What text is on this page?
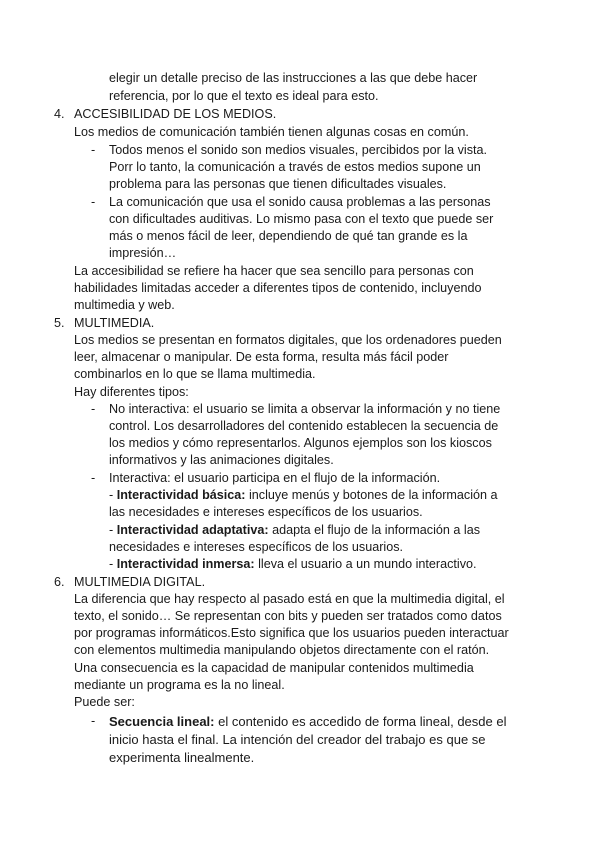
elegir un detalle preciso de las instrucciones a las que debe hacer
referencia, por lo que el texto es ideal para esto.
4. ACCESIBILIDAD DE LOS MEDIOS.
Los medios de comunicación también tienen algunas cosas en común.
- Todos menos el sonido son medios visuales, percibidos por la vista.
Porr lo tanto, la comunicación a través de estos medios supone un
problema para las personas que tienen dificultades visuales.
- La comunicación que usa el sonido causa problemas a las personas
con dificultades auditivas. Lo mismo pasa con el texto que puede ser
más o menos fácil de leer, dependiendo de qué tan grande es la
impresión…
La accesibilidad se refiere ha hacer que sea sencillo para personas con
habilidades limitadas acceder a diferentes tipos de contenido, incluyendo
multimedia y web.
5. MULTIMEDIA.
Los medios se presentan en formatos digitales, que los ordenadores pueden
leer, almacenar o manipular. De esta forma, resulta más fácil poder
combinarlos en lo que se llama multimedia.
Hay diferentes tipos:
- No interactiva: el usuario se limita a observar la información y no tiene
control. Los desarrolladores del contenido establecen la secuencia de
los medios y cómo representarlos. Algunos ejemplos son los kioscos
informativos y las animaciones digitales.
- Interactiva: el usuario participa en el flujo de la información.
- Interactividad básica: incluye menús y botones de la información a
las necesidades e intereses específicos de los usuarios.
- Interactividad adaptativa: adapta el flujo de la información a las
necesidades e intereses específicos de los usuarios.
- Interactividad inmersa: lleva el usuario a un mundo interactivo.
6. MULTIMEDIA DIGITAL.
La diferencia que hay respecto al pasado está en que la multimedia digital, el
texto, el sonido… Se representan con bits y pueden ser tratados como datos
por programas informáticos.Esto significa que los usuarios pueden interactuar
con elementos multimedia manipulando objetos directamente con el ratón.
Una consecuencia es la capacidad de manipular contenidos multimedia
mediante un programa es la no lineal.
Puede ser:
- Secuencia lineal: el contenido es accedido de forma lineal, desde el
inicio hasta el final. La intención del creador del trabajo es que se
experimenta linealmente.
